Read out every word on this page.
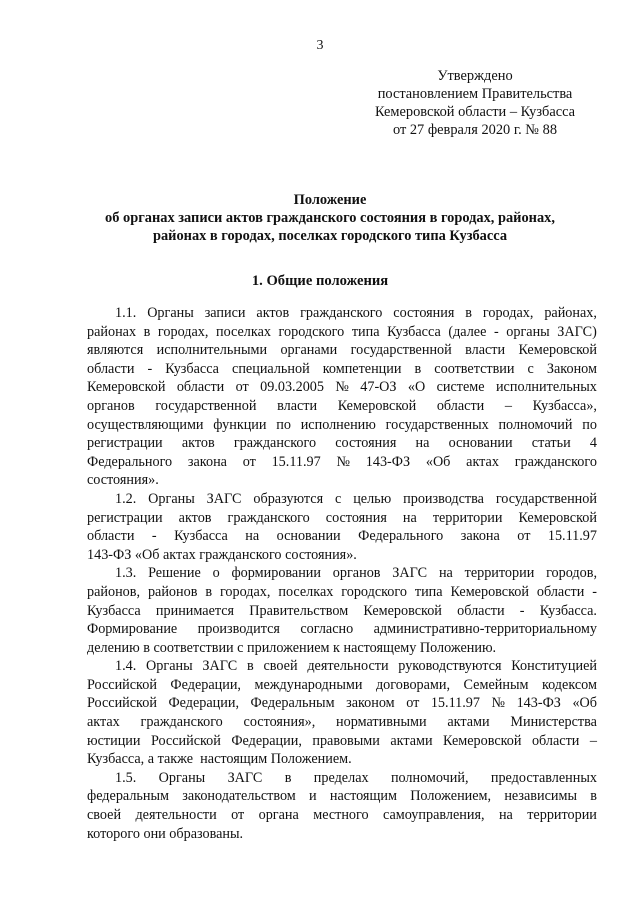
3
Утверждено
постановлением Правительства
Кемеровской области – Кузбасса
от 27 февраля 2020 г. № 88
Положение
об органах записи актов гражданского состояния в городах, районах,
районах в городах, поселках городского типа Кузбасса
1. Общие положения
1.1. Органы записи актов гражданского состояния в городах, районах,
районах в городах, поселках городского типа Кузбасса (далее - органы ЗАГС)
являются исполнительными органами государственной власти Кемеровской
области - Кузбасса специальной компетенции в соответствии с Законом
Кемеровской области от 09.03.2005 № 47-ОЗ «О системе исполнительных
органов государственной власти Кемеровской области – Кузбасса»,
осуществляющими функции по исполнению государственных полномочий по
регистрации актов гражданского состояния на основании статьи 4
Федерального закона от 15.11.97 № 143-ФЗ «Об актах гражданского
состояния».
1.2. Органы ЗАГС образуются с целью производства государственной
регистрации актов гражданского состояния на территории Кемеровской
области - Кузбасса на основании Федерального закона от 15.11.97
143-ФЗ «Об актах гражданского состояния».
1.3. Решение о формировании органов ЗАГС на территории городов,
районов, районов в городах, поселках городского типа Кемеровской области -
Кузбасса принимается Правительством Кемеровской области - Кузбасса.
Формирование производится согласно административно-территориальному
делению в соответствии с приложением к настоящему Положению.
1.4. Органы ЗАГС в своей деятельности руководствуются Конституцией
Российской Федерации, международными договорами, Семейным кодексом
Российской Федерации, Федеральным законом от 15.11.97 № 143-ФЗ «Об
актах гражданского состояния», нормативными актами Министерства
юстиции Российской Федерации, правовыми актами Кемеровской области –
Кузбасса, а также  настоящим Положением.
1.5. Органы ЗАГС в пределах полномочий, предоставленных
федеральным законодательством и настоящим Положением, независимы в
своей деятельности от органа местного самоуправления, на территории
которого они образованы.
